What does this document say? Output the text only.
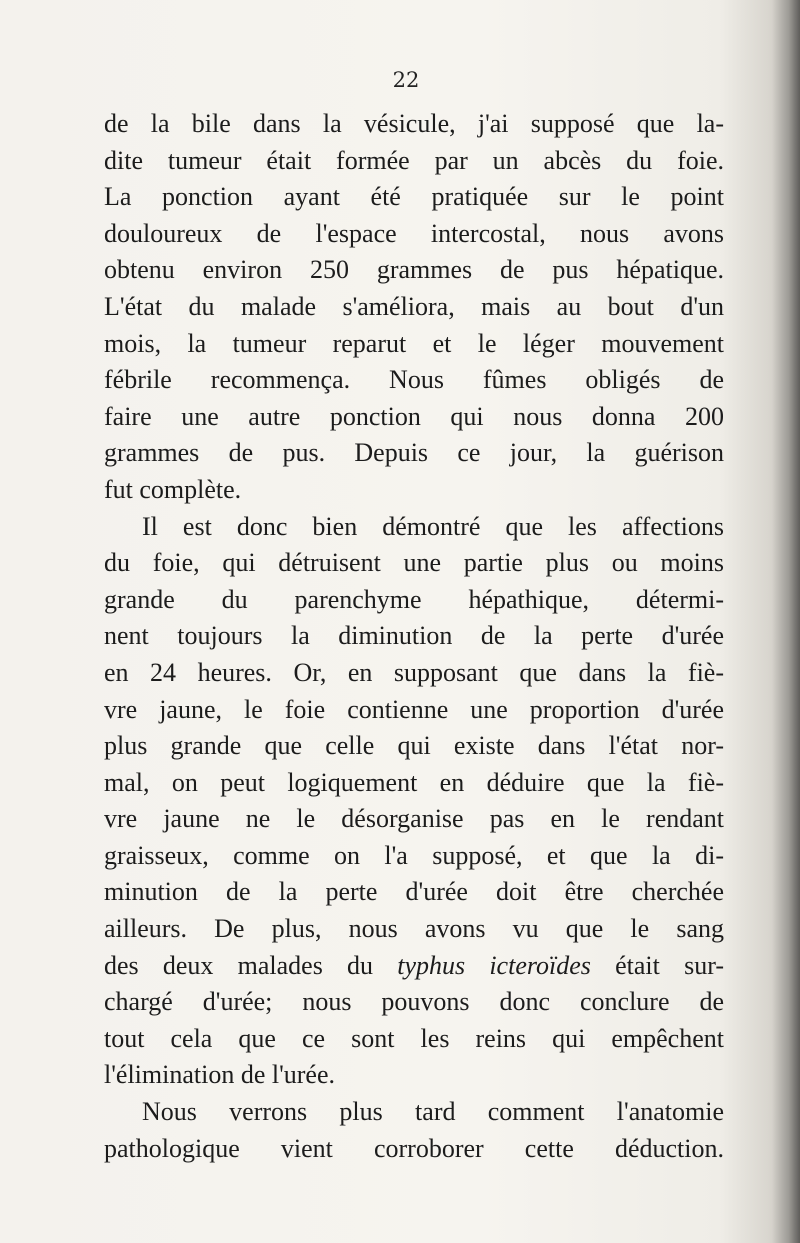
22
de la bile dans la vésicule, j'ai supposé que la-
dite tumeur était formée par un abcès du foie.
La ponction ayant été pratiquée sur le point
douloureux de l'espace intercostal, nous avons
obtenu environ 250 grammes de pus hépatique.
L'état du malade s'améliora, mais au bout d'un
mois, la tumeur reparut et le léger mouvement
fébrile recommença. Nous fûmes obligés de
faire une autre ponction qui nous donna 200
grammes de pus. Depuis ce jour, la guérison
fut complète.
Il est donc bien démontré que les affections
du foie, qui détruisent une partie plus ou moins
grande du parenchyme hépathique, détermi-
nent toujours la diminution de la perte d'urée
en 24 heures. Or, en supposant que dans la fiè-
vre jaune, le foie contienne une proportion d'urée
plus grande que celle qui existe dans l'état nor-
mal, on peut logiquement en déduire que la fiè-
vre jaune ne le désorganise pas en le rendant
graisseux, comme on l'a supposé, et que la di-
minution de la perte d'urée doit être cherchée
ailleurs. De plus, nous avons vu que le sang
des deux malades du typhus icteroïdes était sur-
chargé d'urée; nous pouvons donc conclure de
tout cela que ce sont les reins qui empêchent
l'élimination de l'urée.
Nous verrons plus tard comment l'anatomie
pathologique vient corroborer cette déduction.
